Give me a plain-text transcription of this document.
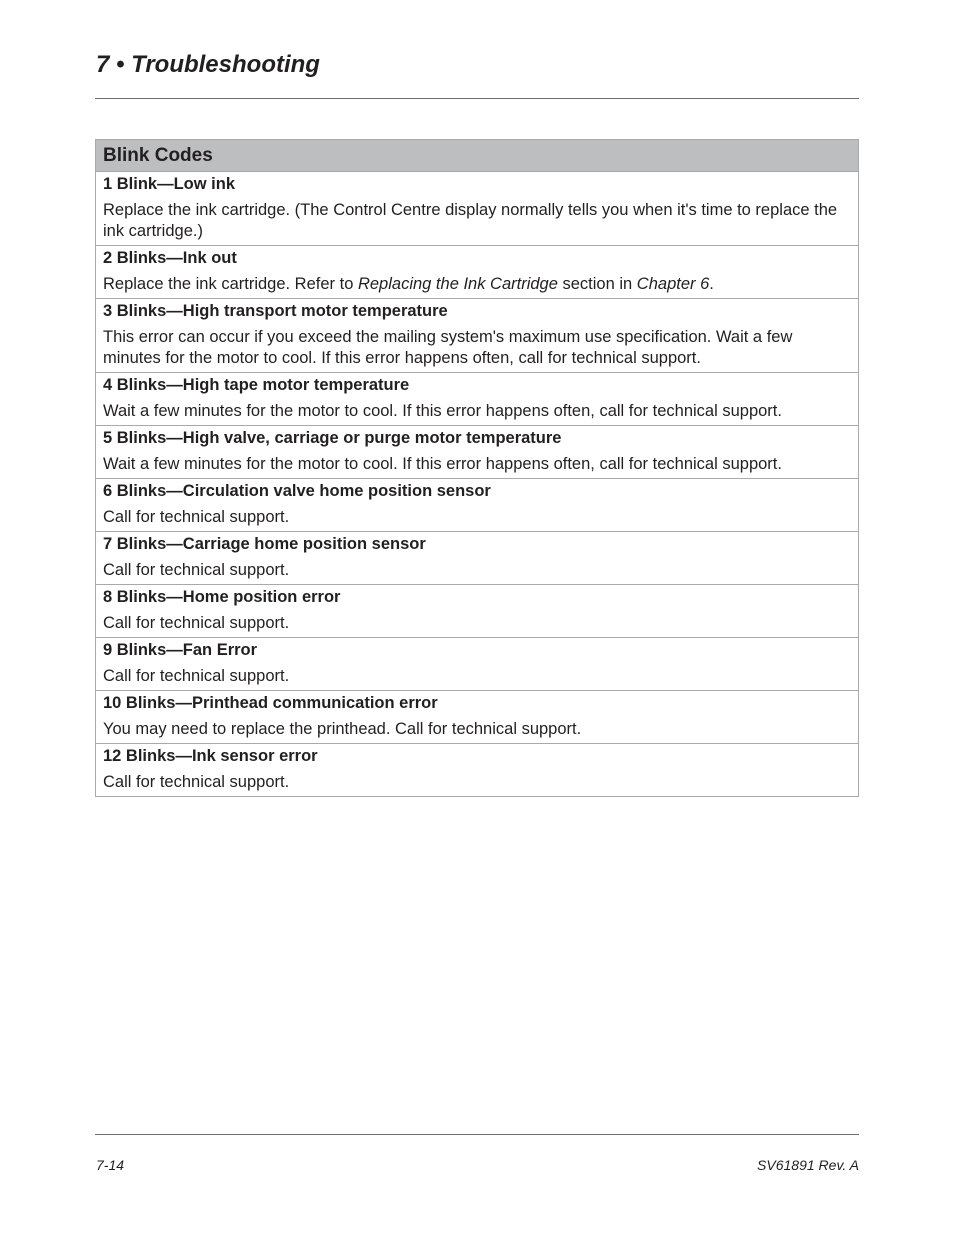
7 • Troubleshooting
Blink Codes
1 Blink—Low ink
Replace the ink cartridge. (The Control Centre display normally tells you when it's time to replace the ink cartridge.)
2 Blinks—Ink out
Replace the ink cartridge. Refer to Replacing the Ink Cartridge section in Chapter 6.
3 Blinks—High transport motor temperature
This error can occur if you exceed the mailing system's maximum use specification. Wait a few minutes for the motor to cool. If this error happens often, call for technical support.
4 Blinks—High tape motor temperature
Wait a few minutes for the motor to cool. If this error happens often, call for technical support.
5 Blinks—High valve, carriage or purge motor temperature
Wait a few minutes for the motor to cool. If this error happens often, call for technical support.
6 Blinks—Circulation valve home position sensor
Call for technical support.
7 Blinks—Carriage home position sensor
Call for technical support.
8 Blinks—Home position error
Call for technical support.
9 Blinks—Fan Error
Call for technical support.
10 Blinks—Printhead communication error
You may need to replace the printhead. Call for technical support.
12 Blinks—Ink sensor error
Call for technical support.
7-14	SV61891 Rev. A
